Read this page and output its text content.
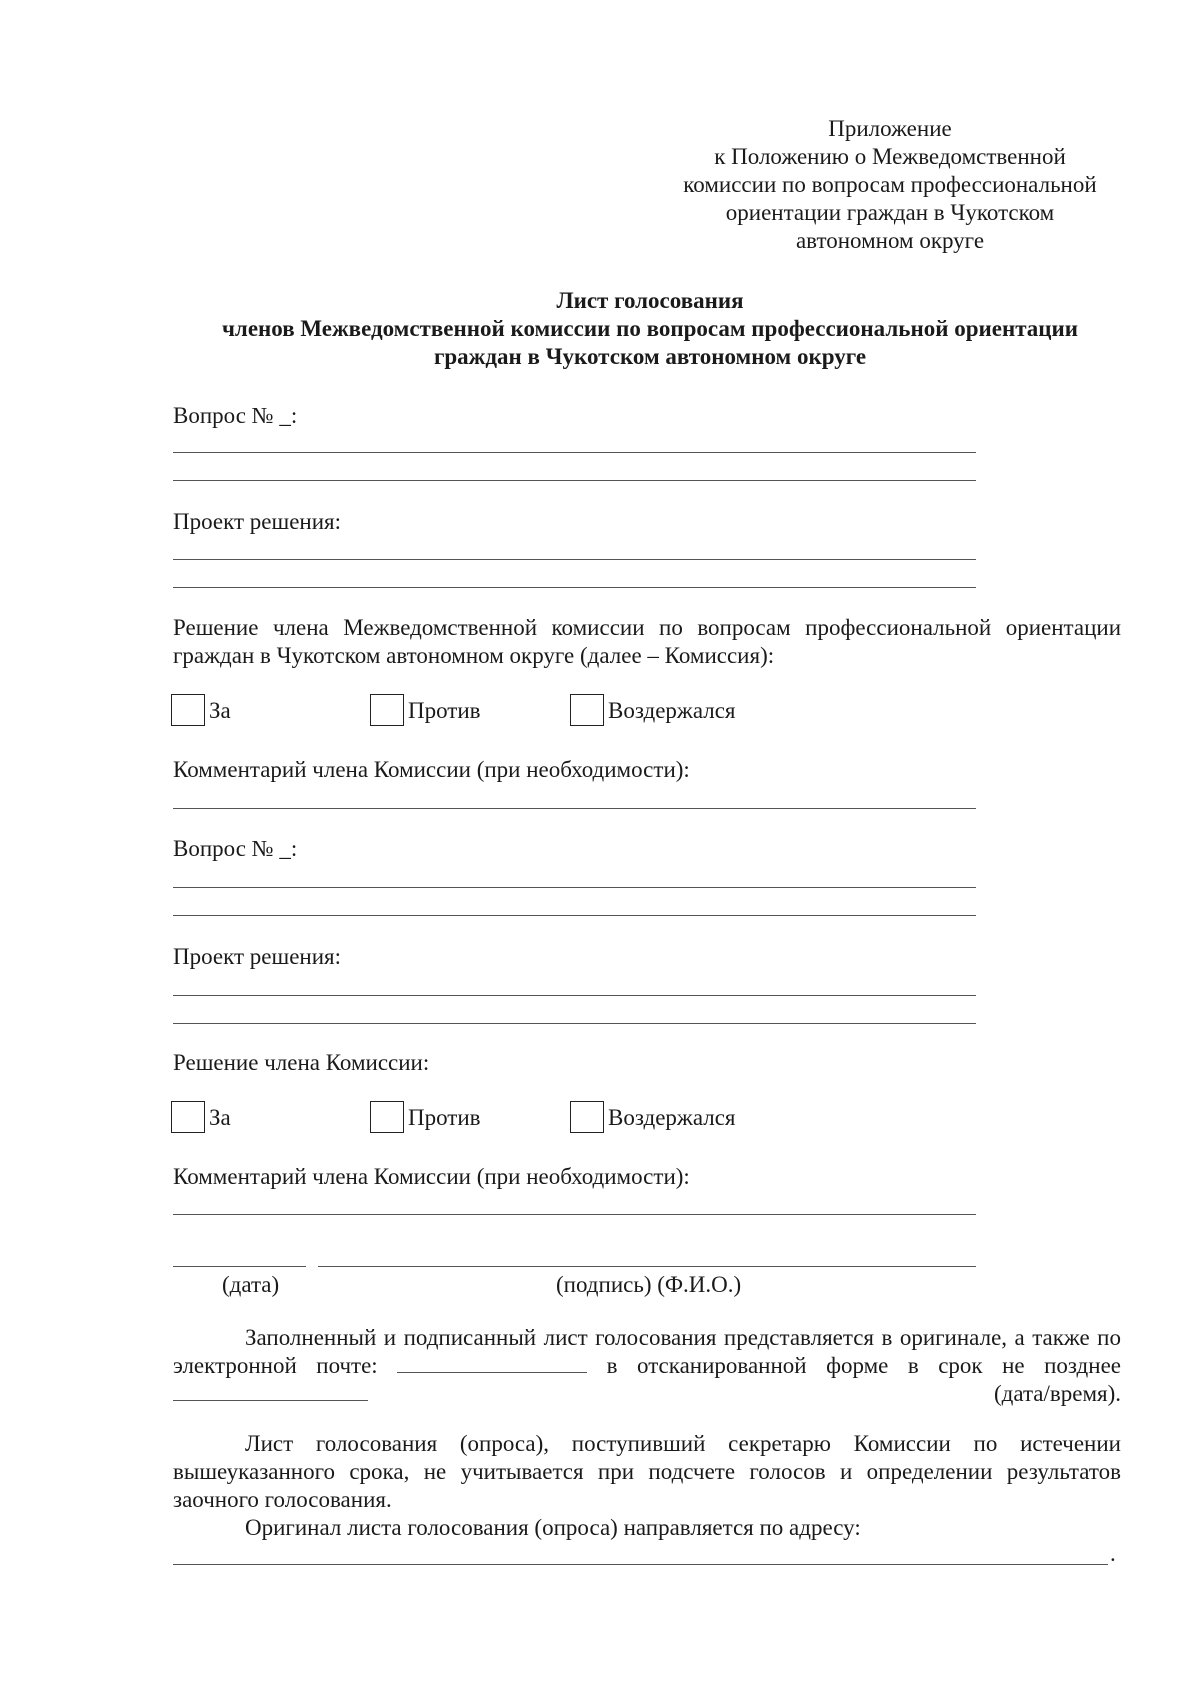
Приложение
к Положению о Межведомственной
комиссии по вопросам профессиональной
ориентации граждан в Чукотском
автономном округе
Лист голосования
членов Межведомственной комиссии по вопросам профессиональной ориентации
граждан в Чукотском автономном округе
Вопрос № _:
Проект решения:
Решение члена Межведомственной комиссии по вопросам профессиональной ориентации граждан в Чукотском автономном округе (далее – Комиссия):
За	Против	Воздержался
Комментарий члена Комиссии (при необходимости):
Вопрос № _:
Проект решения:
Решение члена Комиссии:
За	Против	Воздержался
Комментарий члена Комиссии (при необходимости):
(дата)	(подпись) (Ф.И.О.)
Заполненный и подписанный лист голосования представляется в оригинале, а также по электронной почте:	в отсканированной форме в срок не позднее (дата/время).
Лист голосования (опроса), поступивший секретарю Комиссии по истечении вышеуказанного срока, не учитывается при подсчете голосов и определении результатов заочного голосования.
Оригинал листа голосования (опроса) направляется по адресу:
.
